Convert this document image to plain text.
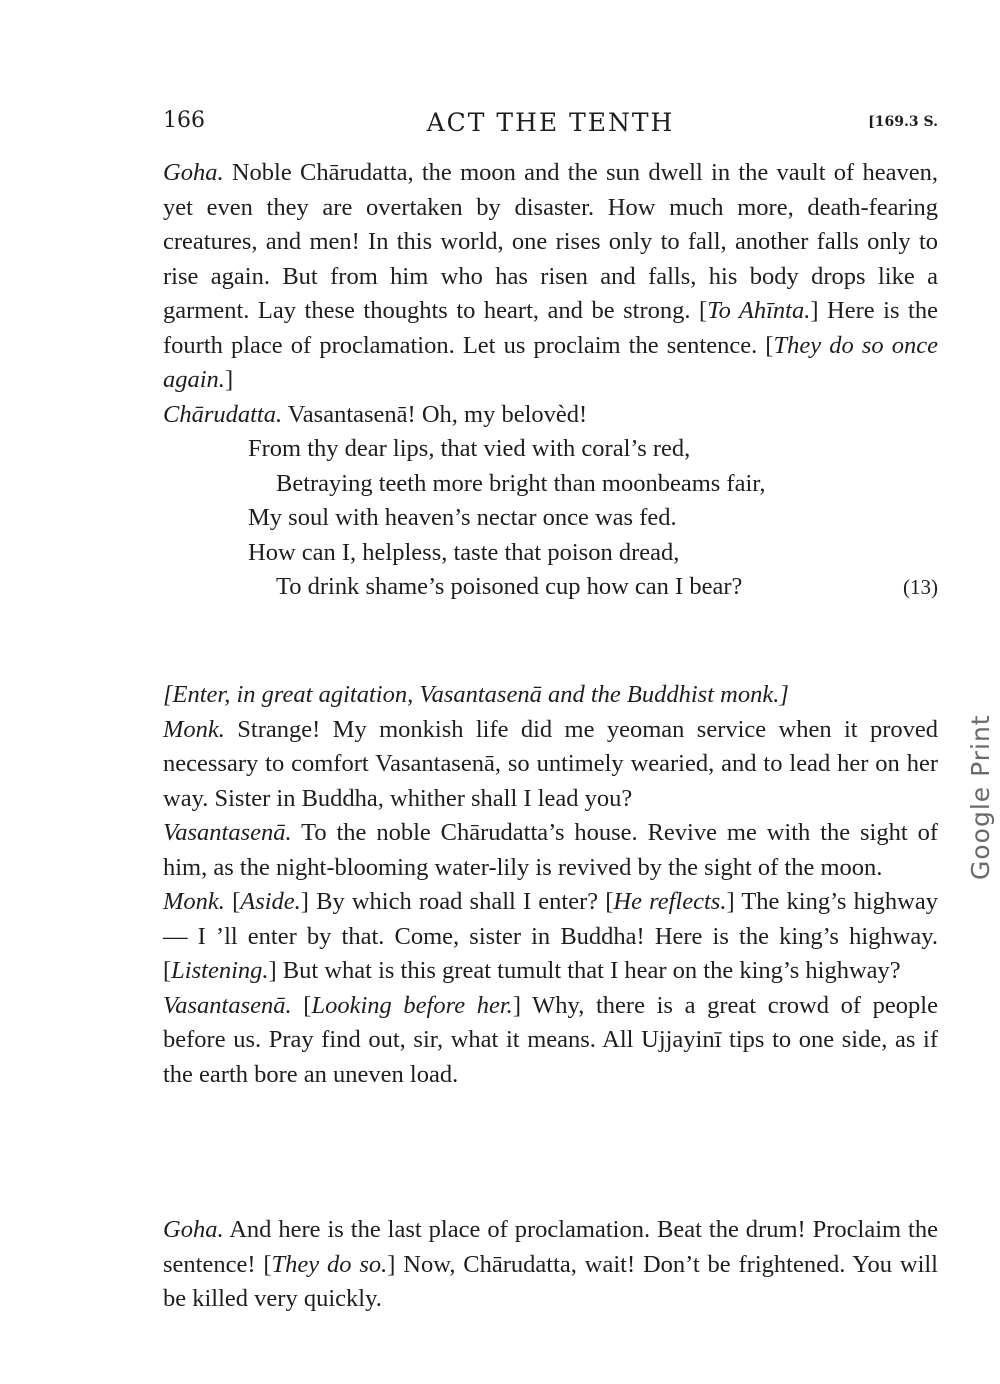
166	ACT THE TENTH	[169.3 S.

Goha. Noble Chārudatta, the moon and the sun dwell in the vault of heaven, yet even they are overtaken by disaster. How much more, death-fearing creatures, and men! In this world, one rises only to fall, another falls only to rise again. But from him who has risen and falls, his body drops like a garment. Lay these thoughts to heart, and be strong. [To Ahīnta.] Here is the fourth place of proclamation. Let us proclaim the sentence. [They do so once again.]

Chārudatta. Vasantasenā! Oh, my belovèd!

From thy dear lips, that vied with coral’s red,

Betraying teeth more bright than moonbeams fair,

My soul with heaven’s nectar once was fed.

How can I, helpless, taste that poison dread,

To drink shame’s poisoned cup how can I bear?	(13)

[Enter, in great agitation, Vasantasenā and the Buddhist monk.]

Monk. Strange! My monkish life did me yeoman service when it proved necessary to comfort Vasantasenā, so untimely wearied, and to lead her on her way. Sister in Buddha, whither shall I lead you?

Vasantasenā. To the noble Chārudatta’s house. Revive me with the sight of him, as the night-blooming water-lily is revived by the sight of the moon.

Monk. [Aside.] By which road shall I enter? [He reflects.] The king’s highway — I ’ll enter by that. Come, sister in Buddha! Here is the king’s highway. [Listening.] But what is this great tumult that I hear on the king’s highway?

Vasantasenā. [Looking before her.] Why, there is a great crowd of people before us. Pray find out, sir, what it means. All Ujjayinī tips to one side, as if the earth bore an uneven load.

Goha. And here is the last place of proclamation. Beat the drum! Proclaim the sentence! [They do so.] Now, Chārudatta, wait! Don’t be frightened. You will be killed very quickly.

Google Print
